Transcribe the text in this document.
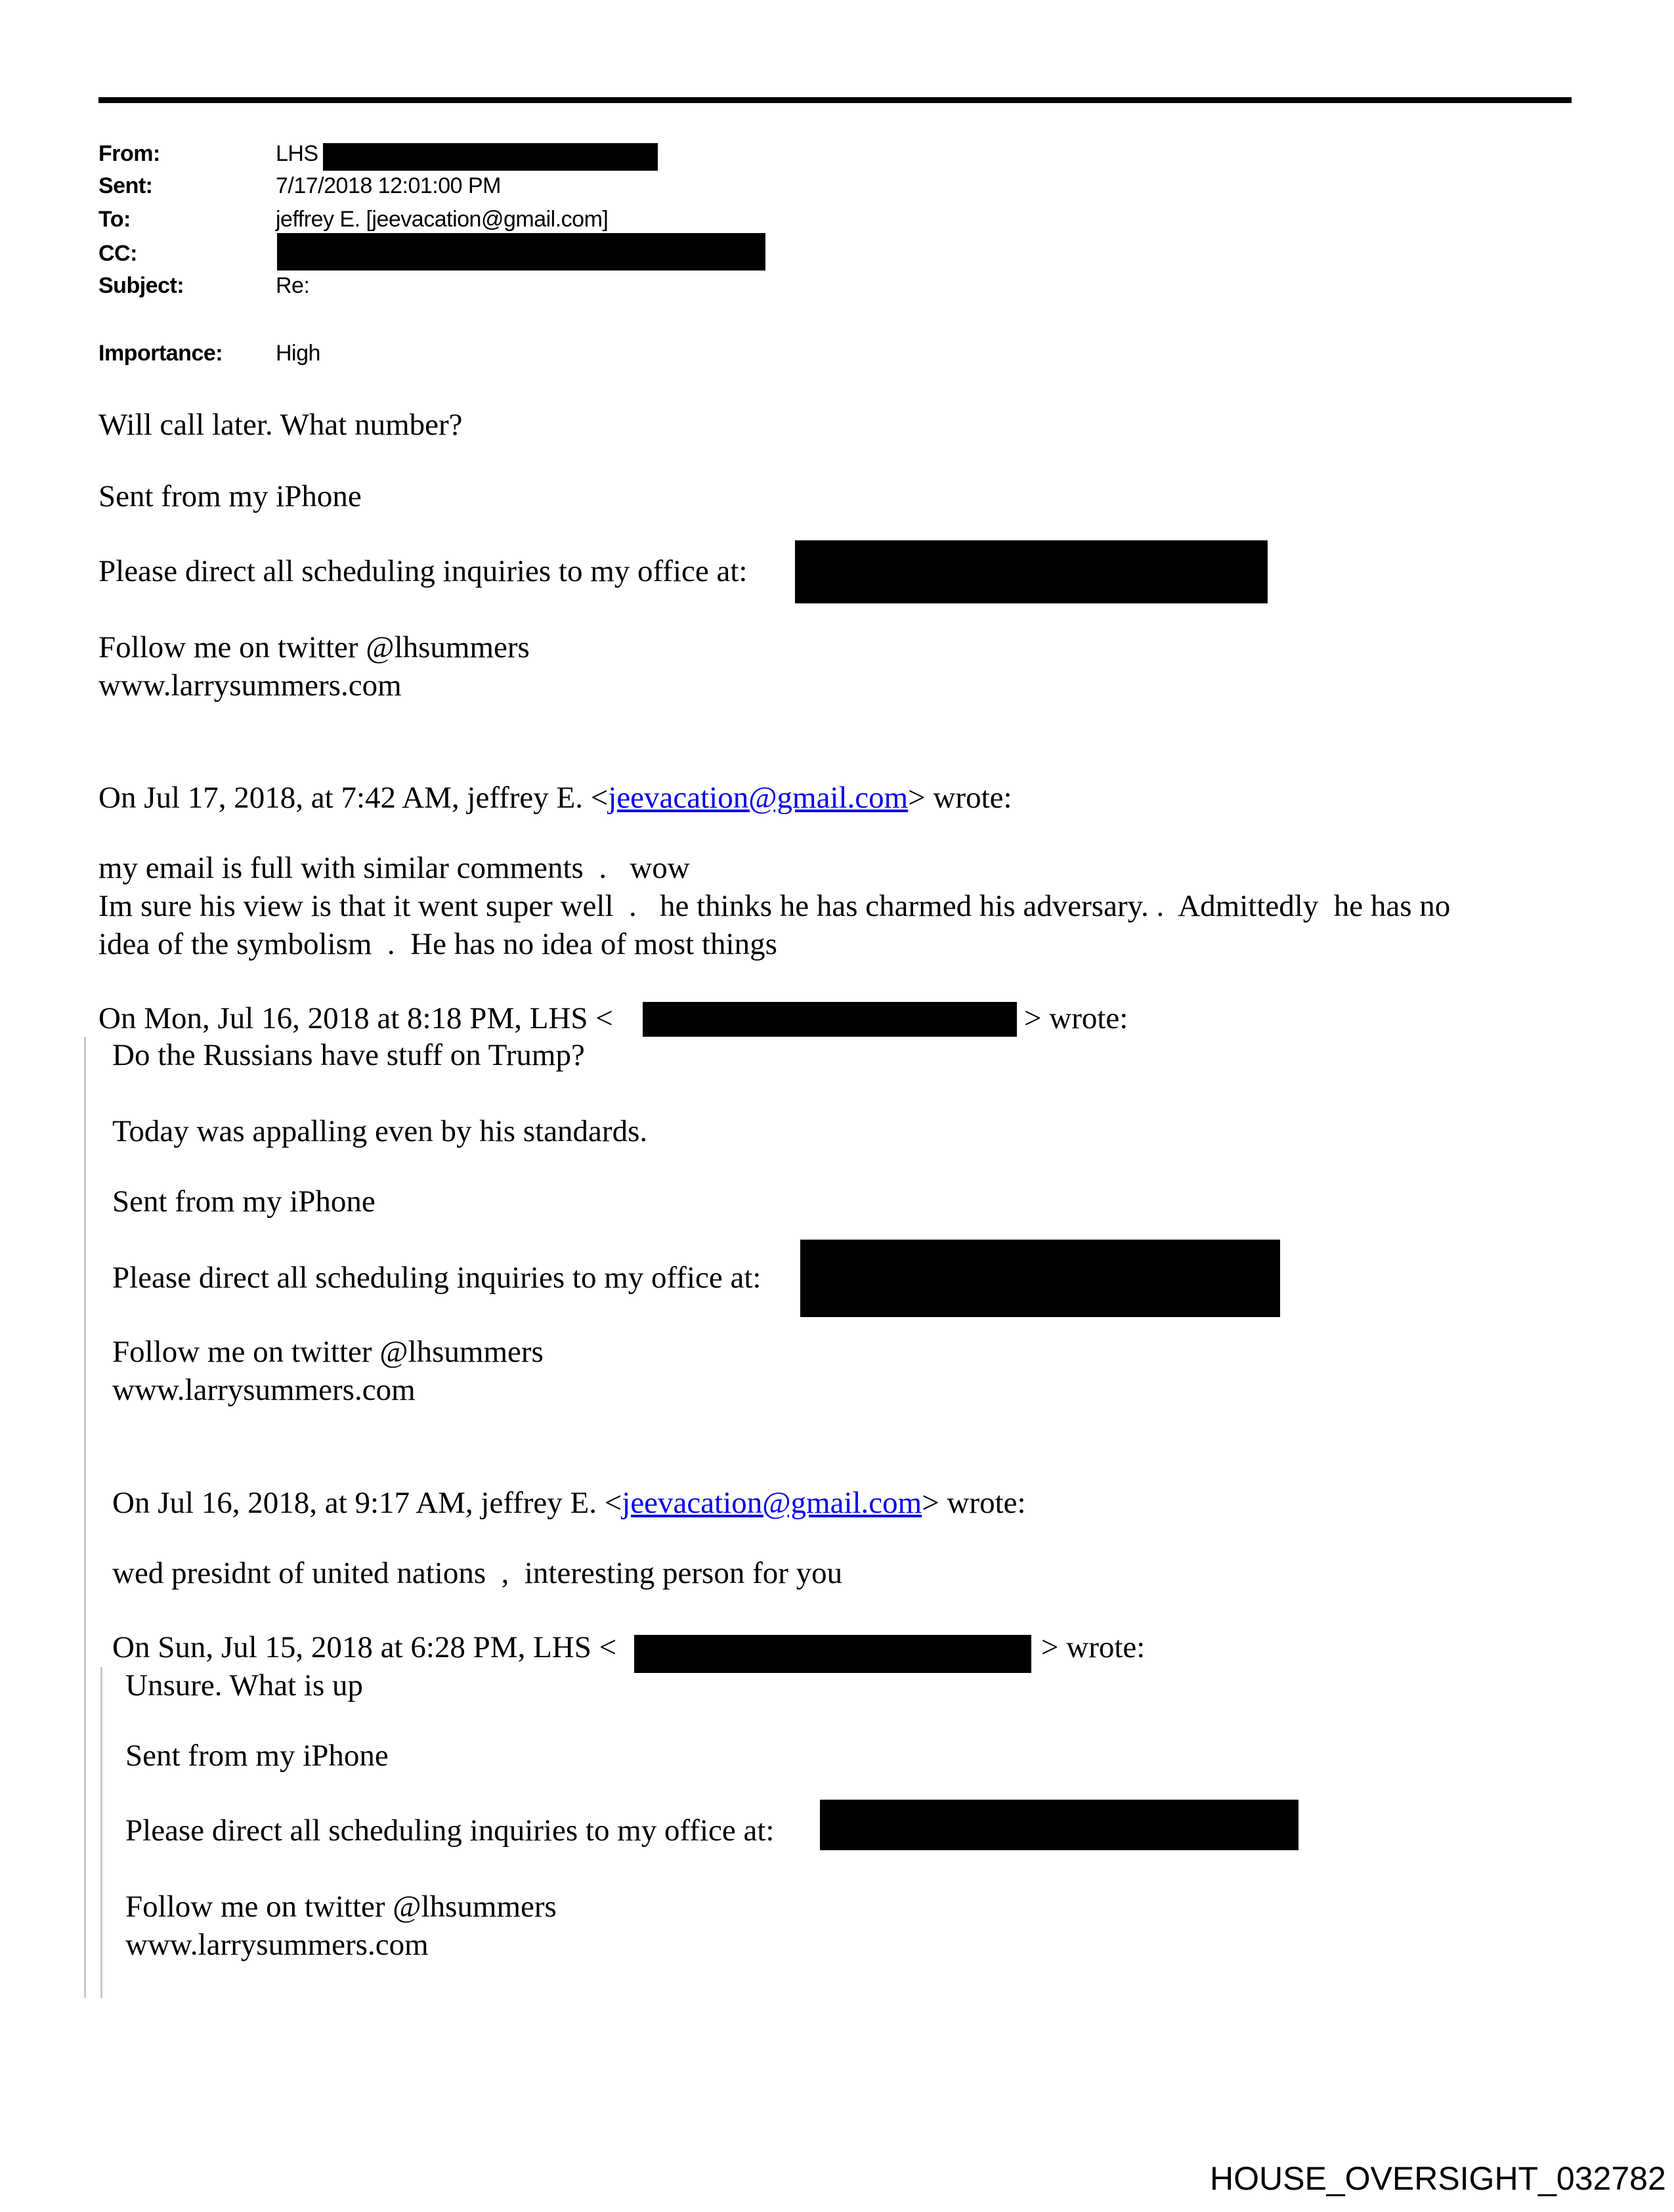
From:	LHS
Sent:	7/17/2018 12:01:00 PM
To:	jeffrey E. [jeevacation@gmail.com]
CC:
Subject:	Re:
Importance: High
Will call later. What number?
Sent from my iPhone
Please direct all scheduling inquiries to my office at:
Follow me on twitter @lhsummers
www.larrysummers.com
On Jul 17, 2018, at 7:42 AM, jeffrey E. <jeevacation@gmail.com> wrote:
my email is full with similar comments  .   wow
Im sure his view is that it went super well  .   he thinks he has charmed his adversary. .  Admittedly  he has no
idea of the symbolism  .  He has no idea of most things
On Mon, Jul 16, 2018 at 8:18 PM, LHS <	> wrote:
Do the Russians have stuff on Trump?
Today was appalling even by his standards.
Sent from my iPhone
Please direct all scheduling inquiries to my office at:
Follow me on twitter @lhsummers
www.larrysummers.com
On Jul 16, 2018, at 9:17 AM, jeffrey E. <jeevacation@gmail.com> wrote:
wed presidnt of united nations  ,  interesting person for you
On Sun, Jul 15, 2018 at 6:28 PM, LHS <	> wrote:
Unsure. What is up
Sent from my iPhone
Please direct all scheduling inquiries to my office at:
Follow me on twitter @lhsummers
www.larrysummers.com
HOUSE_OVERSIGHT_032782
